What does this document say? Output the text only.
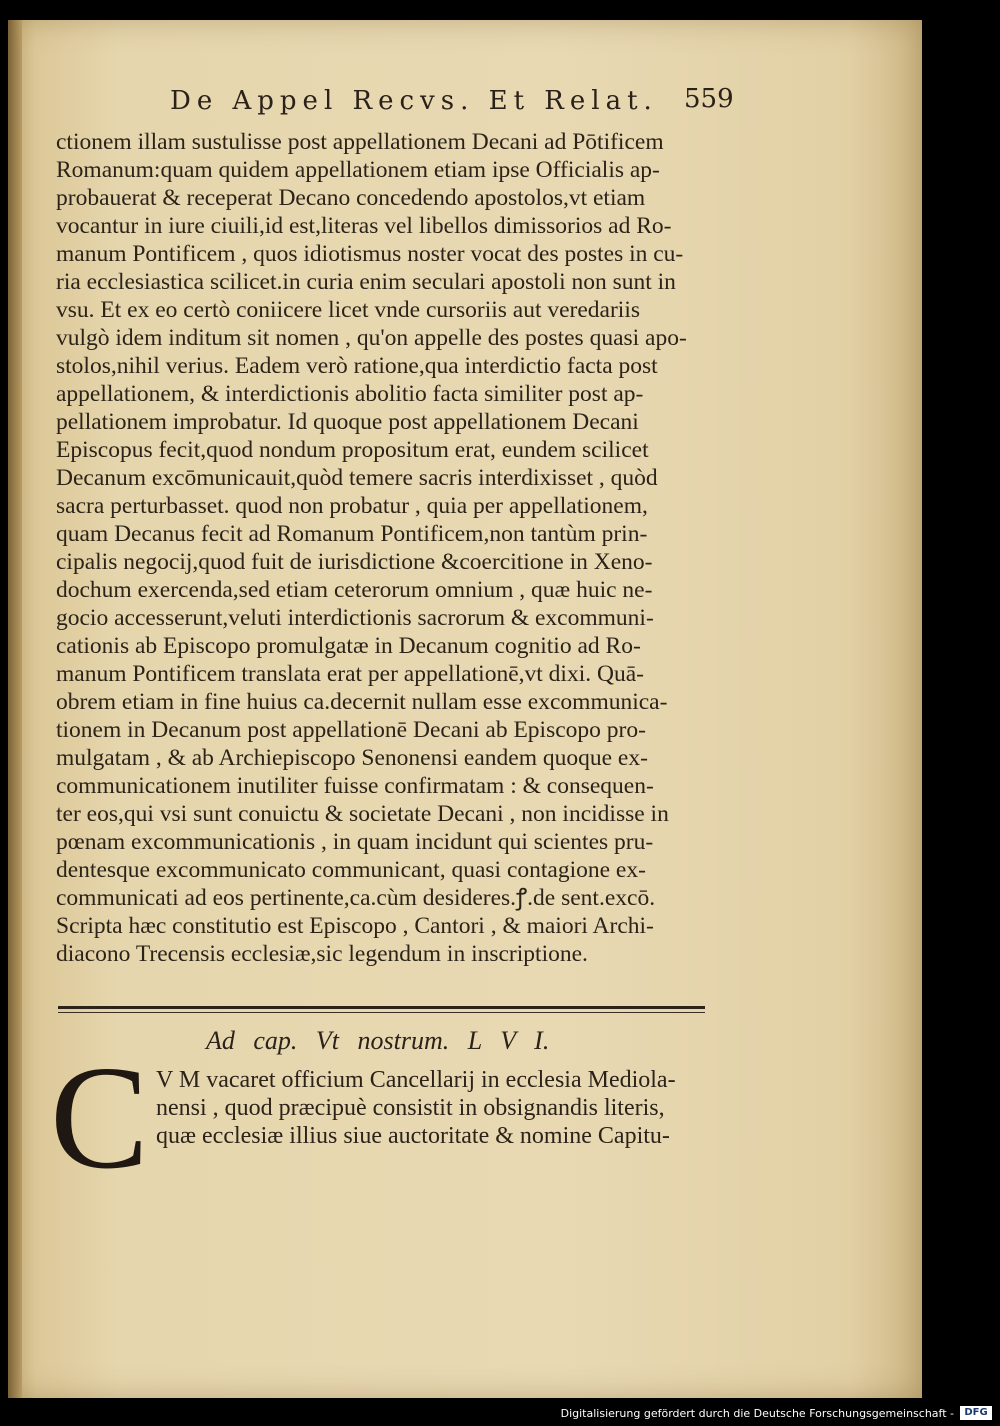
De Appel Recvs. Et Relat. 559
ctionem illam sustulisse post appellationem Decani ad Pōtificem
Romanum:quam quidem appellationem etiam ipse Officialis ap-
probauerat & receperat Decano concedendo apostolos,vt etiam
vocantur in iure ciuili,id est,literas vel libellos dimissorios ad Ro-
manum Pontificem , quos idiotismus noster vocat des postes in cu-
ria ecclesiastica scilicet.in curia enim seculari apostoli non sunt in
vsu. Et ex eo certò coniicere licet vnde cursoriis aut veredariis
vulgò idem inditum sit nomen , qu'on appelle des postes quasi apo-
stolos,nihil verius. Eadem verò ratione,qua interdictio facta post
appellationem, & interdictionis abolitio facta similiter post ap-
pellationem improbatur. Id quoque post appellationem Decani
Episcopus fecit,quod nondum propositum erat, eundem scilicet
Decanum excōmunicauit,quòd temere sacris interdixisset , quòd
sacra perturbasset. quod non probatur , quia per appellationem,
quam Decanus fecit ad Romanum Pontificem,non tantùm prin-
cipalis negocij,quod fuit de iurisdictione &coercitione in Xeno-
dochum exercenda,sed etiam ceterorum omnium , quæ huic ne-
gocio accesserunt,veluti interdictionis sacrorum & excommuni-
cationis ab Episcopo promulgatæ in Decanum cognitio ad Ro-
manum Pontificem translata erat per appellationē,vt dixi. Quā-
obrem etiam in fine huius ca.decernit nullam esse excommunica-
tionem in Decanum post appellationē Decani ab Episcopo pro-
mulgatam , & ab Archiepiscopo Senonensi eandem quoque ex-
communicationem inutiliter fuisse confirmatam : & consequen-
ter eos,qui vsi sunt conuictu & societate Decani , non incidisse in
pœnam excommunicationis , in quam incidunt qui scientes pru-
dentesque excommunicato communicant, quasi contagione ex-
communicati ad eos pertinente,ca.cùm desideres.ꝭ.de sent.excō.
Scripta hæc constitutio est Episcopo , Cantori , & maiori Archi-
diacono Trecensis ecclesiæ,sic legendum in inscriptione.
Ad cap. Vt nostrum. L V I.
C V M vacaret officium Cancellarij in ecclesia Mediola-
nensi , quod præcipuè consistit in obsignandis literis,
quæ ecclesiæ illius siue auctoritate & nomine Capitu-
Digitalisierung gefördert durch die Deutsche Forschungsgemeinschaft -	DFG
